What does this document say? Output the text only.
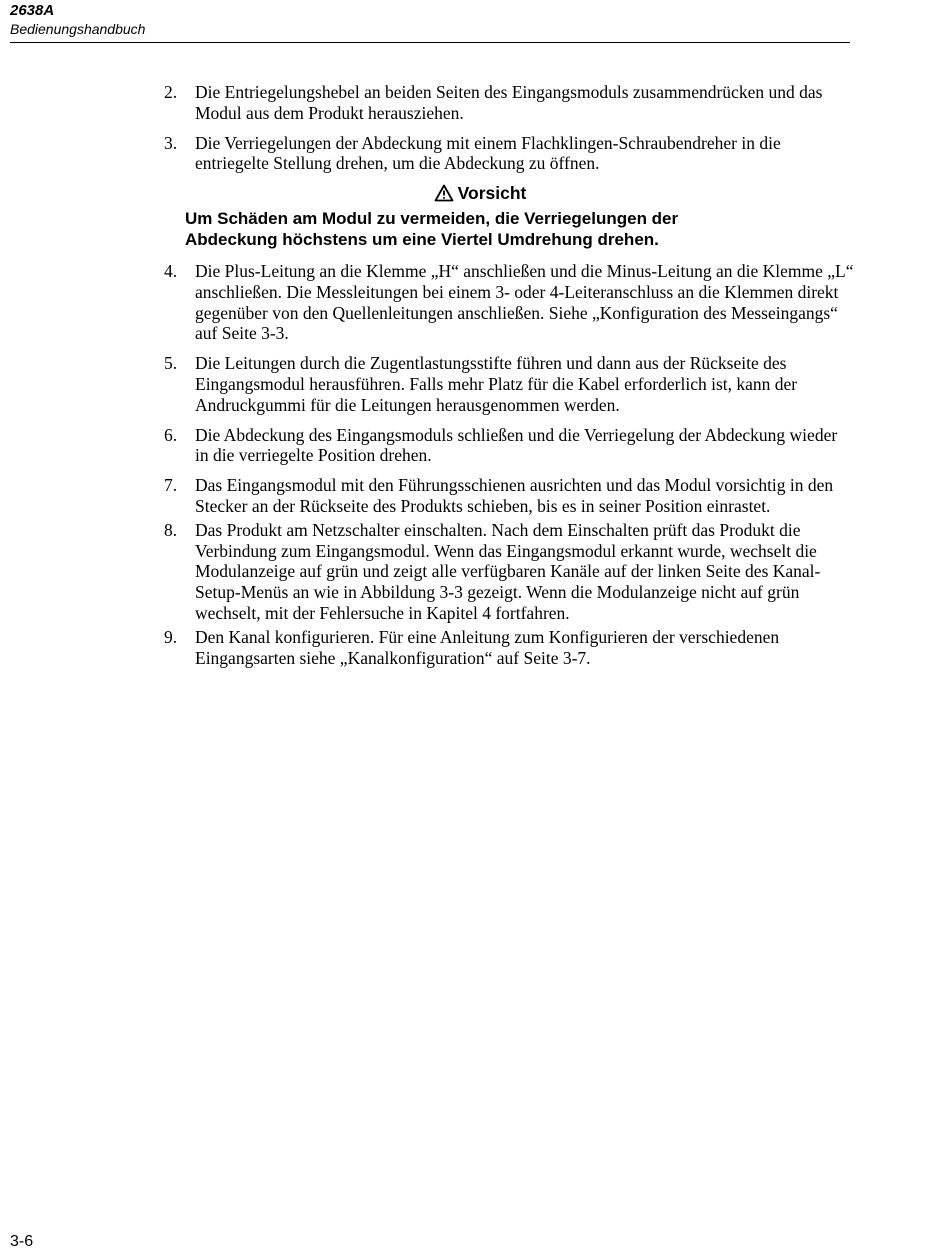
2638A
Bedienungshandbuch
2. Die Entriegelungshebel an beiden Seiten des Eingangsmoduls zusammendrücken und das Modul aus dem Produkt herausziehen.
3. Die Verriegelungen der Abdeckung mit einem Flachklingen-Schraubendreher in die entriegelte Stellung drehen, um die Abdeckung zu öffnen.
Vorsicht
Um Schäden am Modul zu vermeiden, die Verriegelungen der Abdeckung höchstens um eine Viertel Umdrehung drehen.
4. Die Plus-Leitung an die Klemme „H“ anschließen und die Minus-Leitung an die Klemme „L“ anschließen. Die Messleitungen bei einem 3- oder 4-Leiteranschluss an die Klemmen direkt gegenüber von den Quellenleitungen anschließen. Siehe „Konfiguration des Messeingangs“ auf Seite 3-3.
5. Die Leitungen durch die Zugentlastungsstifte führen und dann aus der Rückseite des Eingangsmodul herausführen. Falls mehr Platz für die Kabel erforderlich ist, kann der Andruckgummi für die Leitungen herausgenommen werden.
6. Die Abdeckung des Eingangsmoduls schließen und die Verriegelung der Abdeckung wieder in die verriegelte Position drehen.
7. Das Eingangsmodul mit den Führungsschienen ausrichten und das Modul vorsichtig in den Stecker an der Rückseite des Produkts schieben, bis es in seiner Position einrastet.
8. Das Produkt am Netzschalter einschalten. Nach dem Einschalten prüft das Produkt die Verbindung zum Eingangsmodul. Wenn das Eingangsmodul erkannt wurde, wechselt die Modulanzeige auf grün und zeigt alle verfügbaren Kanäle auf der linken Seite des Kanal-Setup-Menüs an wie in Abbildung 3-3 gezeigt. Wenn die Modulanzeige nicht auf grün wechselt, mit der Fehlersuche in Kapitel 4 fortfahren.
9. Den Kanal konfigurieren. Für eine Anleitung zum Konfigurieren der verschiedenen Eingangsarten siehe „Kanalkonfiguration“ auf Seite 3-7.
3-6
